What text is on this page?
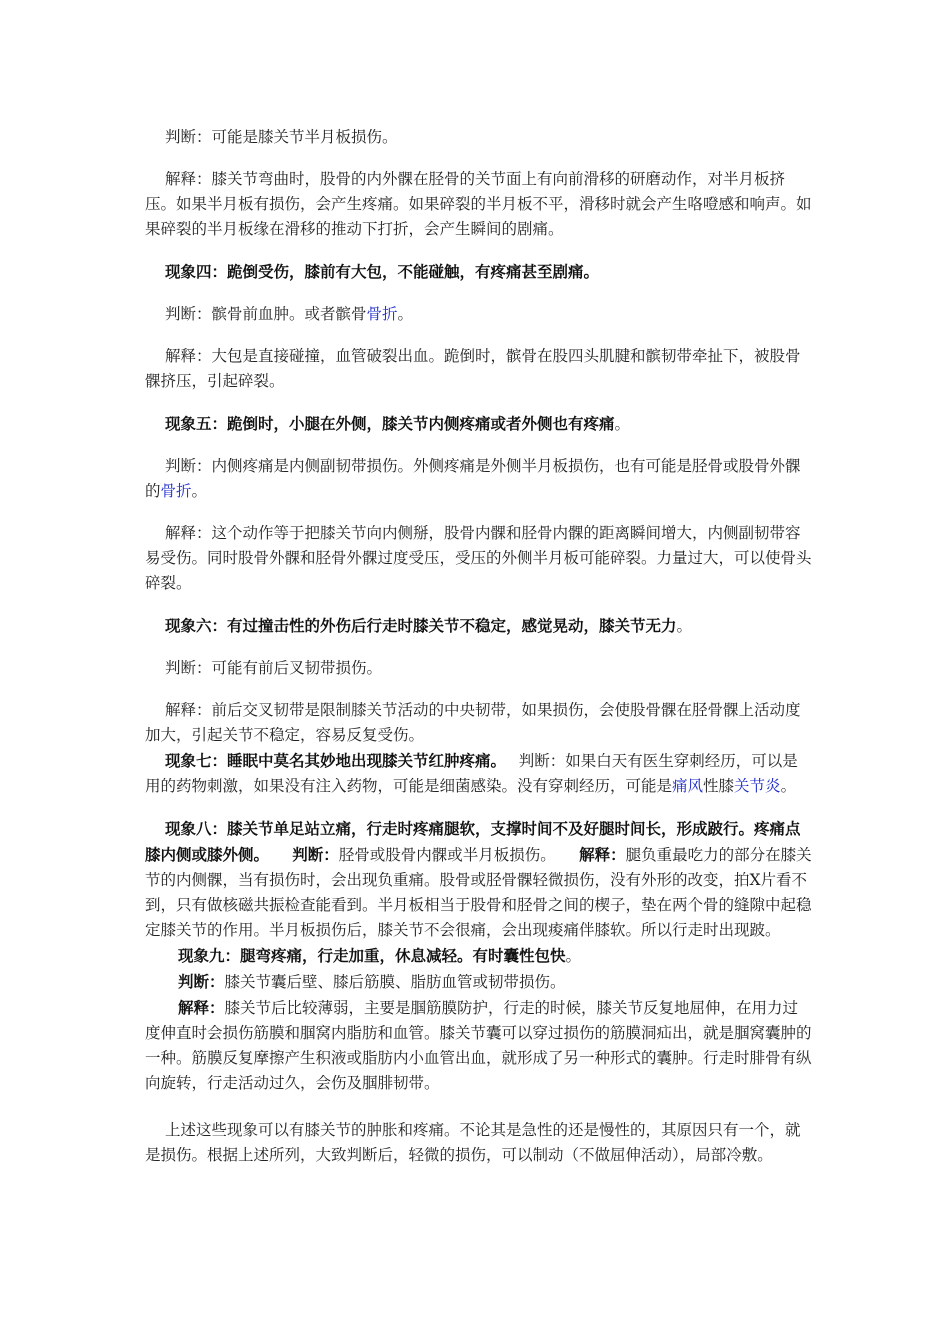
判断：可能是膝关节半月板损伤。

解释：膝关节弯曲时，股骨的内外髁在胫骨的关节面上有向前滑移的研磨动作，对半月板挤压。如果半月板有损伤，会产生疼痛。如果碎裂的半月板不平，滑移时就会产生咯噔感和响声。如果碎裂的半月板缘在滑移的推动下打折，会产生瞬间的剧痛。

现象四：跪倒受伤，膝前有大包，不能碰触，有疼痛甚至剧痛。

判断：髌骨前血肿。或者髌骨骨折。

解释：大包是直接碰撞，血管破裂出血。跪倒时，髌骨在股四头肌腱和髌韧带牵扯下，被股骨髁挤压，引起碎裂。

现象五：跪倒时，小腿在外侧，膝关节内侧疼痛或者外侧也有疼痛。

判断：内侧疼痛是内侧副韧带损伤。外侧疼痛是外侧半月板损伤，也有可能是胫骨或股骨外髁的骨折。

解释：这个动作等于把膝关节向内侧掰，股骨内髁和胫骨内髁的距离瞬间增大，内侧副韧带容易受伤。同时股骨外髁和胫骨外髁过度受压，受压的外侧半月板可能碎裂。力量过大，可以使骨头碎裂。

现象六：有过撞击性的外伤后行走时膝关节不稳定，感觉晃动，膝关节无力。

判断：可能有前后叉韧带损伤。

解释：前后交叉韧带是限制膝关节活动的中央韧带，如果损伤，会使股骨髁在胫骨髁上活动度加大，引起关节不稳定，容易反复受伤。

现象七：睡眠中莫名其妙地出现膝关节红肿疼痛。　 判断：如果白天有医生穿刺经历，可以是用的药物刺激，如果没有注入药物，可能是细菌感染。没有穿刺经历，可能是痛风性膝关节炎。

现象八：膝关节单足站立痛，行走时疼痛腿软，支撑时间不及好腿时间长，形成跛行。疼痛点膝内侧或膝外侧。　　 判断：胫骨或股骨内髁或半月板损伤。　　 解释：腿负重最吃力的部分在膝关节的内侧髁，当有损伤时，会出现负重痛。股骨或胫骨髁轻微损伤，没有外形的改变，拍X片看不到，只有做核磁共振检查能看到。半月板相当于股骨和胫骨之间的楔子，垫在两个骨的缝隙中起稳定膝关节的作用。半月板损伤后，膝关节不会很痛，会出现痠痛伴膝软。所以行走时出现跛。

现象九：腿弯疼痛，行走加重，休息减轻。有时囊性包快。

判断：膝关节囊后壁、膝后筋膜、脂肪血管或韧带损伤。

解释：膝关节后比较薄弱，主要是腘筋膜防护，行走的时候，膝关节反复地屈伸，在用力过度伸直时会损伤筋膜和腘窝内脂肪和血管。膝关节囊可以穿过损伤的筋膜洞疝出，就是腘窝囊肿的一种。筋膜反复摩擦产生积液或脂肪内小血管出血，就形成了另一种形式的囊肿。行走时腓骨有纵向旋转，行走活动过久，会伤及腘腓韧带。

上述这些现象可以有膝关节的肿胀和疼痛。不论其是急性的还是慢性的，其原因只有一个，就是损伤。根据上述所列，大致判断后，轻微的损伤，可以制动（不做屈伸活动），局部冷敷。
